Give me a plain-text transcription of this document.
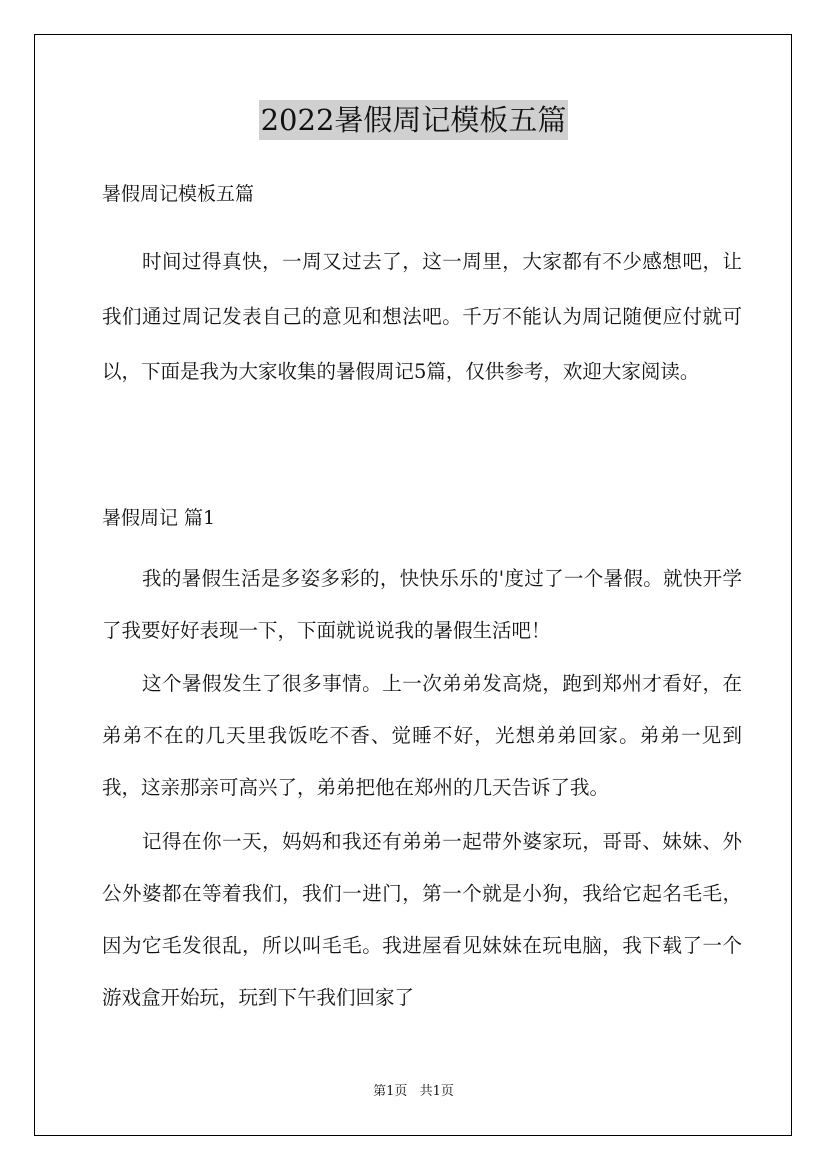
2022暑假周记模板五篇
暑假周记模板五篇

时间过得真快，一周又过去了，这一周里，大家都有不少感想吧，让我们通过周记发表自己的意见和想法吧。千万不能认为周记随便应付就可以，下面是我为大家收集的暑假周记5篇，仅供参考，欢迎大家阅读。

暑假周记 篇1

我的暑假生活是多姿多彩的，快快乐乐的'度过了一个暑假。就快开学了我要好好表现一下，下面就说说我的暑假生活吧！

这个暑假发生了很多事情。上一次弟弟发高烧，跑到郑州才看好，在弟弟不在的几天里我饭吃不香、觉睡不好，光想弟弟回家。弟弟一见到我，这亲那亲可高兴了，弟弟把他在郑州的几天告诉了我。

记得在你一天，妈妈和我还有弟弟一起带外婆家玩，哥哥、妹妹、外公外婆都在等着我们，我们一进门，第一个就是小狗，我给它起名毛毛，因为它毛发很乱，所以叫毛毛。我进屋看见妹妹在玩电脑，我下载了一个游戏盒开始玩，玩到下午我们回家了

第1页 共1页
